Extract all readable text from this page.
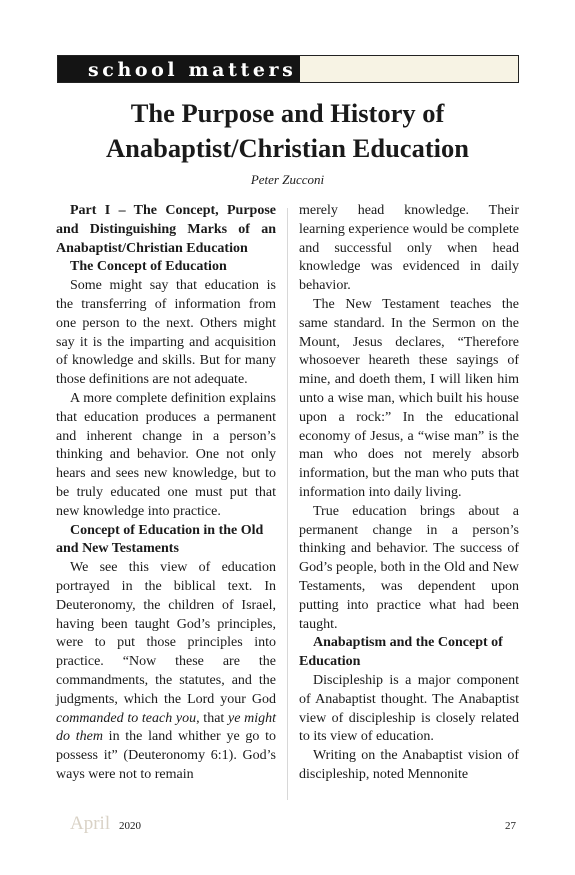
school matters
The Purpose and History of
Anabaptist/Christian Education
Peter Zucconi
Part I – The Concept, Purpose and Distinguishing Marks of an Anabaptist/Christian Education
The Concept of Education

Some might say that education is the transferring of information from one person to the next. Others might say it is the imparting and acquisition of knowledge and skills. But for many those definitions are not adequate.

A more complete definition explains that education produces a permanent and inherent change in a person’s thinking and behavior. One not only hears and sees new knowledge, but to be truly educated one must put that new knowledge into practice.

Concept of Education in the Old and New Testaments

We see this view of education portrayed in the biblical text. In Deuteronomy, the children of Israel, having been taught God’s principles, were to put those principles into practice. “Now these are the commandments, the statutes, and the judgments, which the Lord your God commanded to teach you, that ye might do them in the land whither ye go to possess it” (Deuteronomy 6:1). God’s ways were not to remain

merely head knowledge. Their learning experience would be complete and successful only when head knowledge was evidenced in daily behavior.

The New Testament teaches the same standard. In the Sermon on the Mount, Jesus declares, “Therefore whosoever heareth these sayings of mine, and doeth them, I will liken him unto a wise man, which built his house upon a rock:” In the educational economy of Jesus, a “wise man” is the man who does not merely absorb information, but the man who puts that information into daily living.

True education brings about a permanent change in a person’s thinking and behavior. The success of God’s people, both in the Old and New Testaments, was dependent upon putting into practice what had been taught.

Anabaptism and the Concept of Education

Discipleship is a major component of Anabaptist thought. The Anabaptist view of discipleship is closely related to its view of education.

Writing on the Anabaptist vision of discipleship, noted Mennonite

April 2020	27
